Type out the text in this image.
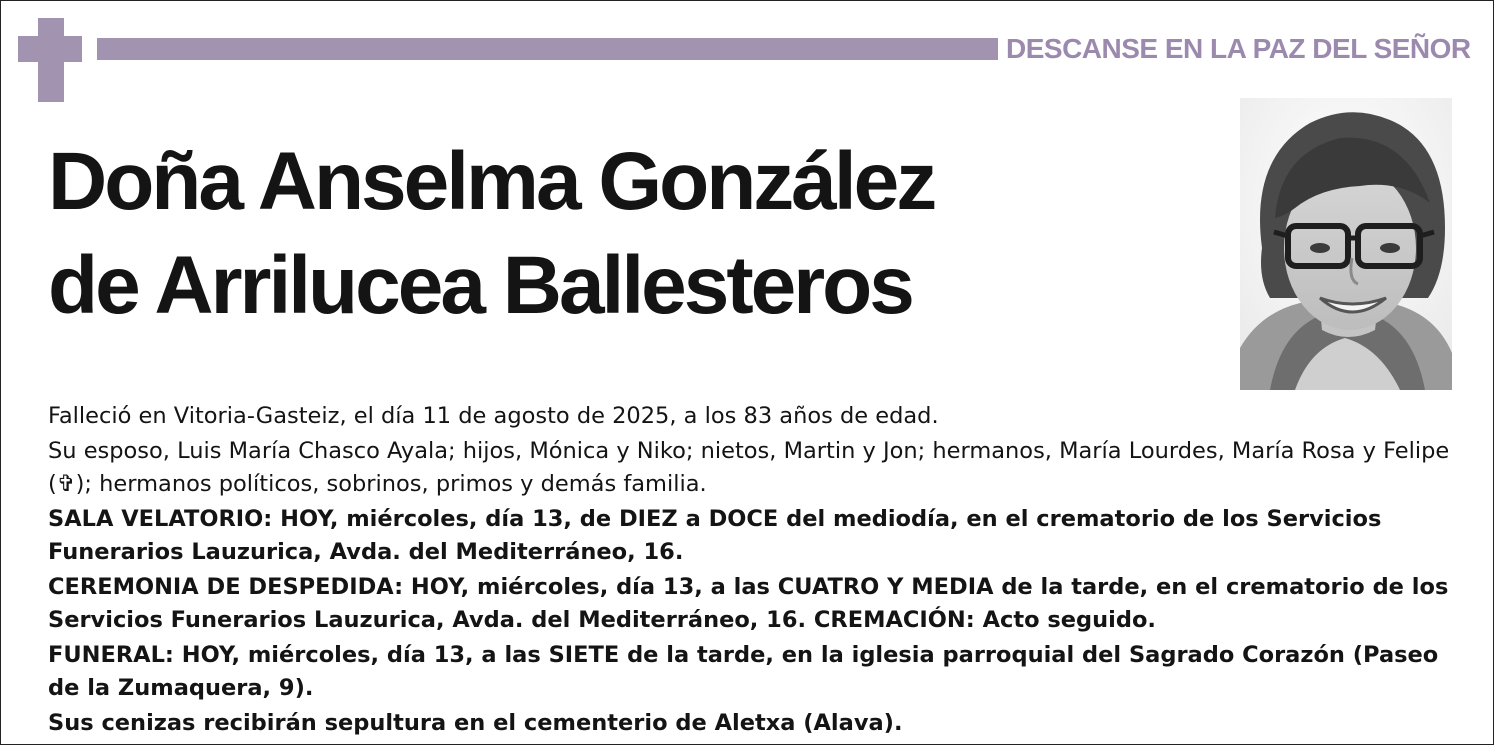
DESCANSE EN LA PAZ DEL SEÑOR
Doña Anselma González
de Arrilucea Ballesteros

Falleció en Vitoria-Gasteiz, el día 11 de agosto de 2025, a los 83 años de edad.

Su esposo, Luis María Chasco Ayala; hijos, Mónica y Niko; nietos, Martin y Jon; hermanos, María Lourdes, María Rosa y Felipe (✞); hermanos políticos, sobrinos, primos y demás familia.

SALA VELATORIO: HOY, miércoles, día 13, de DIEZ a DOCE del mediodía, en el crematorio de los Servicios Funerarios Lauzurica, Avda. del Mediterráneo, 16.

CEREMONIA DE DESPEDIDA: HOY, miércoles, día 13, a las CUATRO Y MEDIA de la tarde, en el crematorio de los Servicios Funerarios Lauzurica, Avda. del Mediterráneo, 16. CREMACIÓN: Acto seguido.

FUNERAL: HOY, miércoles, día 13, a las SIETE de la tarde, en la iglesia parroquial del Sagrado Corazón (Paseo de la Zumaquera, 9).

Sus cenizas recibirán sepultura en el cementerio de Aletxa (Alava).
